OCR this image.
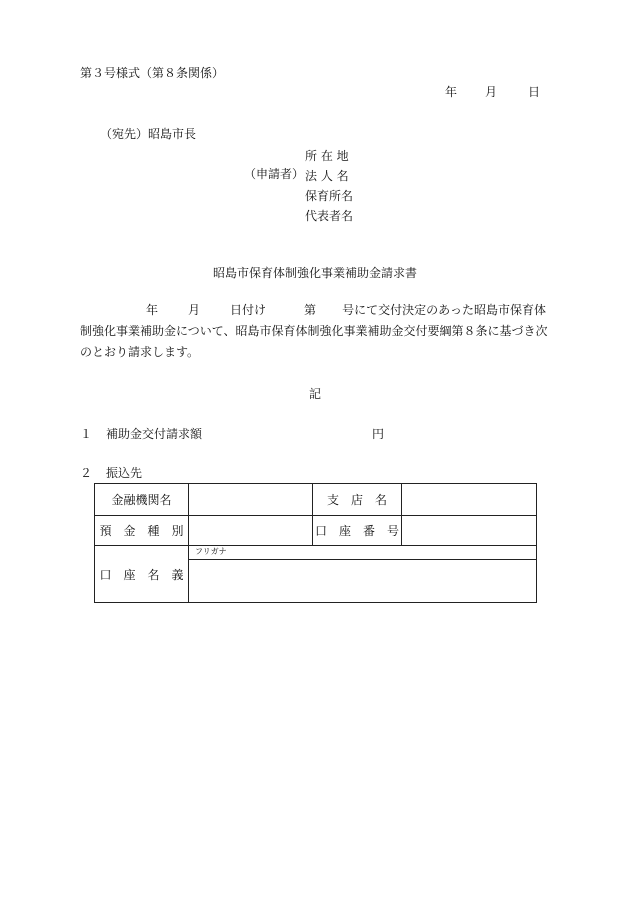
第３号様式（第８条関係）
年 月	日
（宛先）昭島市長
（申請者）
所 在 地
法 人 名
保育所名
代表者名
昭島市保育体制強化事業補助金請求書
年	月	日付け	第 号にて交付決定のあった昭島市保育体制強化事業補助金について、昭島市保育体制強化事業補助金交付要綱第８条に基づき次のとおり請求します。
記
１ 補助金交付請求額	円
２ 振込先
金融機関名		支　店　名	
預　金　種　別		口　座　番　号	
口　座　名　義	フリガナ		
